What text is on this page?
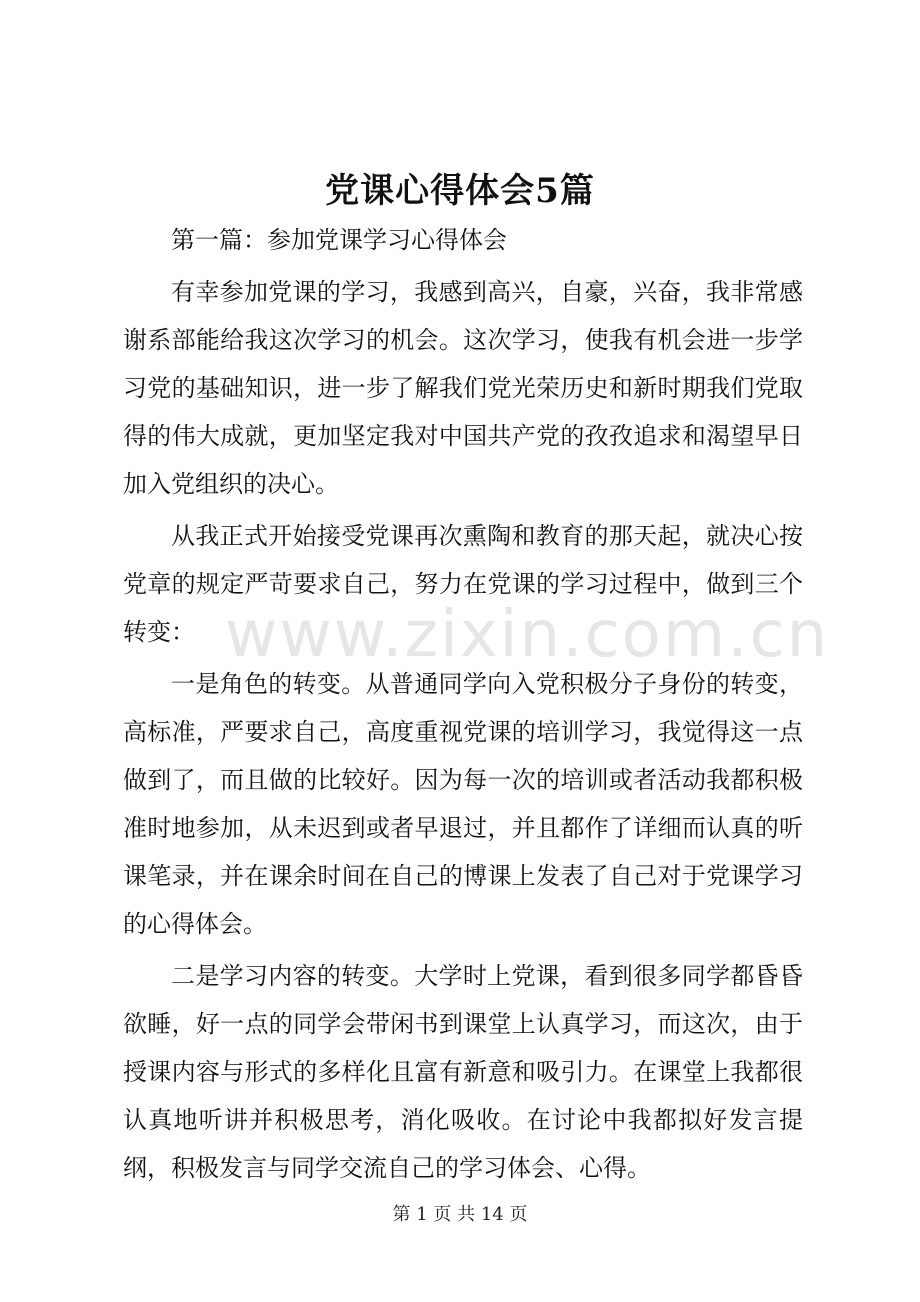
www.zixin.com.cn
党课心得体会5篇

第一篇：参加党课学习心得体会

有幸参加党课的学习，我感到高兴，自豪，兴奋，我非常感谢系部能给我这次学习的机会。这次学习，使我有机会进一步学习党的基础知识，进一步了解我们党光荣历史和新时期我们党取得的伟大成就，更加坚定我对中国共产党的孜孜追求和渴望早日加入党组织的决心。

从我正式开始接受党课再次熏陶和教育的那天起，就决心按党章的规定严苛要求自己，努力在党课的学习过程中，做到三个转变：

一是角色的转变。从普通同学向入党积极分子身份的转变，高标准，严要求自己，高度重视党课的培训学习，我觉得这一点做到了，而且做的比较好。因为每一次的培训或者活动我都积极准时地参加，从未迟到或者早退过，并且都作了详细而认真的听课笔录，并在课余时间在自己的博课上发表了自己对于党课学习的心得体会。

二是学习内容的转变。大学时上党课，看到很多同学都昏昏欲睡，好一点的同学会带闲书到课堂上认真学习，而这次，由于授课内容与形式的多样化且富有新意和吸引力。在课堂上我都很认真地听讲并积极思考，消化吸收。在讨论中我都拟好发言提纲，积极发言与同学交流自己的学习体会、心得。

第 1 页 共 14 页
